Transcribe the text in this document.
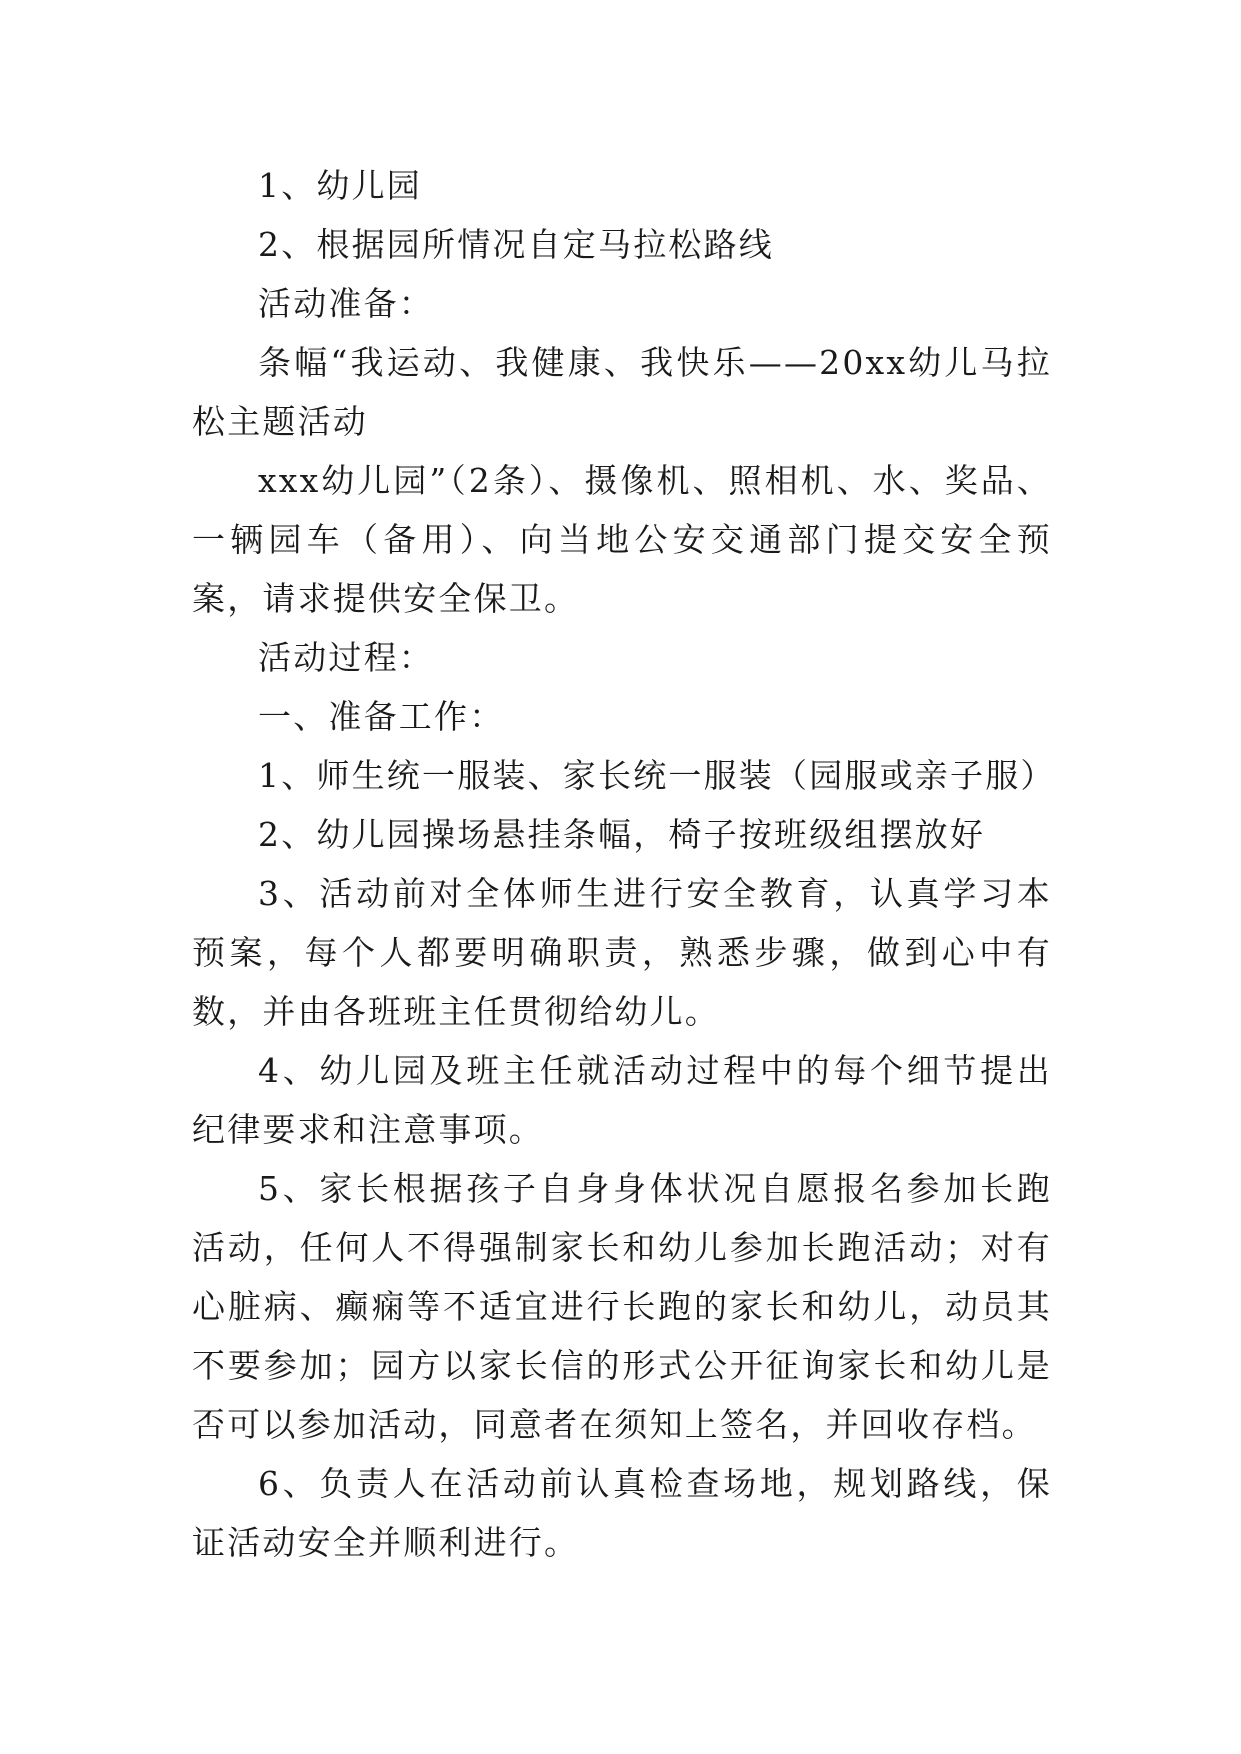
1、幼儿园

2、根据园所情况自定马拉松路线

活动准备：

条幅“我运动、我健康、我快乐——20xx幼儿马拉松主题活动

xxx幼儿园”（2条）、摄像机、照相机、水、奖品、一辆园车（备用）、向当地公安交通部门提交安全预案，请求提供安全保卫。

活动过程：

一、准备工作：

1、师生统一服装、家长统一服装（园服或亲子服）

2、幼儿园操场悬挂条幅，椅子按班级组摆放好

3、活动前对全体师生进行安全教育，认真学习本预案，每个人都要明确职责，熟悉步骤，做到心中有数，并由各班班主任贯彻给幼儿。

4、幼儿园及班主任就活动过程中的每个细节提出纪律要求和注意事项。

5、家长根据孩子自身身体状况自愿报名参加长跑活动，任何人不得强制家长和幼儿参加长跑活动；对有心脏病、癫痫等不适宜进行长跑的家长和幼儿，动员其不要参加；园方以家长信的形式公开征询家长和幼儿是否可以参加活动，同意者在须知上签名，并回收存档。

6、负责人在活动前认真检查场地，规划路线，保证活动安全并顺利进行。
